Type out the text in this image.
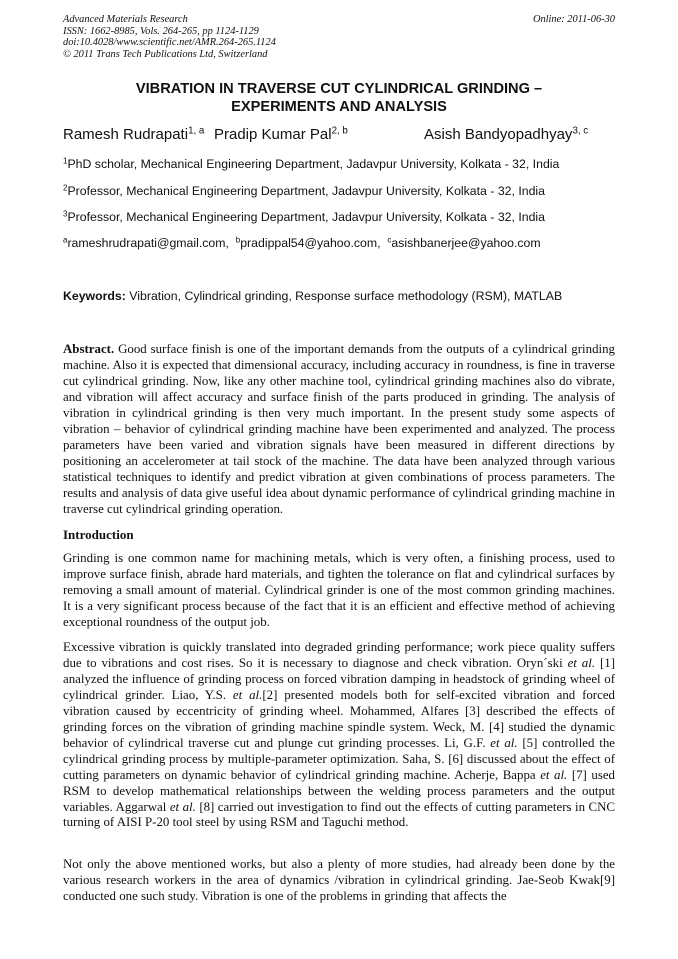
Advanced Materials Research
ISSN: 1662-8985, Vols. 264-265, pp 1124-1129
doi:10.4028/www.scientific.net/AMR.264-265.1124
© 2011 Trans Tech Publications Ltd, Switzerland
Online: 2011-06-30
VIBRATION IN TRAVERSE CUT CYLINDRICAL GRINDING –
EXPERIMENTS AND ANALYSIS
Ramesh Rudrapati$^{1, a}$ Pradip Kumar Pal$^{2, b}$	Asish Bandyopadhyay$^{3, c}$
$^1$PhD scholar, Mechanical Engineering Department, Jadavpur University, Kolkata - 32, India
$^2$Professor, Mechanical Engineering Department, Jadavpur University, Kolkata - 32, India
$^3$Professor, Mechanical Engineering Department, Jadavpur University, Kolkata - 32, India
$^a$rameshrudrapati@gmail.com, $^b$pradippal54@yahoo.com, $^c$asishbanerjee@yahoo.com
Keywords: Vibration, Cylindrical grinding, Response surface methodology (RSM), MATLAB

Abstract. Good surface finish is one of the important demands from the outputs of a cylindrical grinding machine. Also it is expected that dimensional accuracy, including accuracy in roundness, is fine in traverse cut cylindrical grinding. Now, like any other machine tool, cylindrical grinding machines also do vibrate, and vibration will affect accuracy and surface finish of the parts produced in grinding. The analysis of vibration in cylindrical grinding is then very much important. In the present study some aspects of vibration – behavior of cylindrical grinding machine have been experimented and analyzed. The process parameters have been varied and vibration signals have been measured in different directions by positioning an accelerometer at tail stock of the machine. The data have been analyzed through various statistical techniques to identify and predict vibration at given combinations of process parameters. The results and analysis of data give useful idea about dynamic performance of cylindrical grinding machine in traverse cut cylindrical grinding operation.

Introduction

Grinding is one common name for machining metals, which is very often, a finishing process, used to improve surface finish, abrade hard materials, and tighten the tolerance on flat and cylindrical surfaces by removing a small amount of material. Cylindrical grinder is one of the most common grinding machines. It is a very significant process because of the fact that it is an efficient and effective method of achieving exceptional roundness of the output job.

Excessive vibration is quickly translated into degraded grinding performance; work piece quality suffers due to vibrations and cost rises. So it is necessary to diagnose and check vibration. Oryn´ski et al. [1] analyzed the influence of grinding process on forced vibration damping in headstock of grinding wheel of cylindrical grinder. Liao, Y.S. et al.[2] presented models both for self-excited vibration and forced vibration caused by eccentricity of grinding wheel. Mohammed, Alfares [3] described the effects of grinding forces on the vibration of grinding machine spindle system. Weck, M. [4] studied the dynamic behavior of cylindrical traverse cut and plunge cut grinding processes. Li, G.F. et al. [5] controlled the cylindrical grinding process by multiple-parameter optimization. Saha, S. [6] discussed about the effect of cutting parameters on dynamic behavior of cylindrical grinding machine. Acherje, Bappa et al. [7] used RSM to develop mathematical relationships between the welding process parameters and the output variables. Aggarwal et al. [8] carried out investigation to find out the effects of cutting parameters in CNC turning of AISI P-20 tool steel by using RSM and Taguchi method.

Not only the above mentioned works, but also a plenty of more studies, had already been done by the various research workers in the area of dynamics /vibration in cylindrical grinding. Jae-Seob Kwak[9] conducted one such study. Vibration is one of the problems in grinding that affects the
